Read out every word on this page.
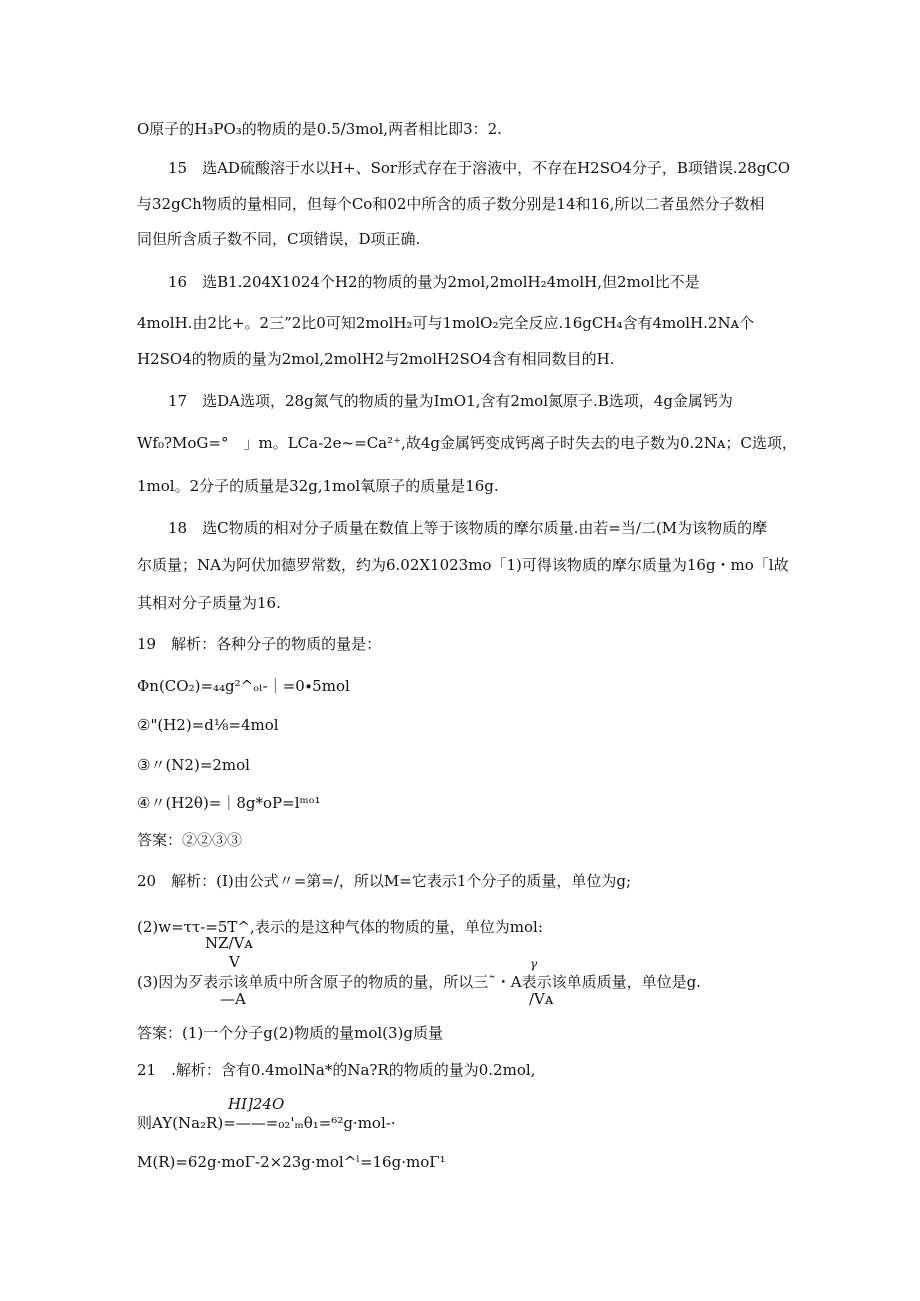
O原子的H₃PO₃的物质的是0.5/3mol,两者相比即3：2.
15　选AD硫酸溶于水以H+、Sor形式存在于溶液中，不存在H2SO4分子，B项错误.28gCO
与32gCh物质的量相同，但每个Co和02中所含的质子数分别是14和16,所以二者虽然分子数相
同但所含质子数不同，C项错误，D项正确.
16　选B1.204X1024个H2的物质的量为2mol,2molH₂4molH,但2mol比不是
4molH.由2比+。2三”2比0可知2molH₂可与1molO₂完全反应.16gCH₄含有4molH.2Nᴀ个
H2SO4的物质的量为2mol,2molH2与2molH2SO4含有相同数目的H.
17　选DA选项，28g氮气的物质的量为ImO1,含有2mol氮原子.B选项，4g金属钙为
Wf₀?MoG=°　」m。LCa-2e~=Ca²⁺,故4g金属钙变成钙离子时失去的电子数为0.2Nᴀ；C选项，
1mol。2分子的质量是32g,1mol氧原子的质量是16g.
18　选C物质的相对分子质量在数值上等于该物质的摩尔质量.由若=当/二(M为该物质的摩
尔质量；NA为阿伏加德罗常数，约为6.02X1023mo「1)可得该物质的摩尔质量为16g・mo「l故
其相对分子质量为16.
19　解析：各种分子的物质的量是：
Φn(CO₂)=₄₄g²^ₒₗ-｜=0∙5mol
②"(H2)=d⅛=4mol
③〃(N2)=2mol
④〃(H2θ)=｜8g*oP=lᵐᵒ¹
答案：②②③③
20　解析：(I)由公式〃=第=/，所以M=它表示1个分子的质量，单位为g;
(2)w=ττ-=5T^,表示的是这种气体的物质的量，单位为mol:
NZ/Vᴀ
V	γ
(3)因为歹表示该单质中所含原子的物质的量，所以三˜・A表示该单质质量，单位是g.
—A	/Vᴀ
答案：(1)一个分子g(2)物质的量mol(3)g质量
21　.解析：含有0.4molNa*的Na?R的物质的量为0.2mol,
HI]24O
则AY(Na₂R)=——=₀₂'ₘθ₁=⁶²g·mol-·
M(R)=62g·moΓ-2×23g·mol^ˡ=16g·moΓ¹
